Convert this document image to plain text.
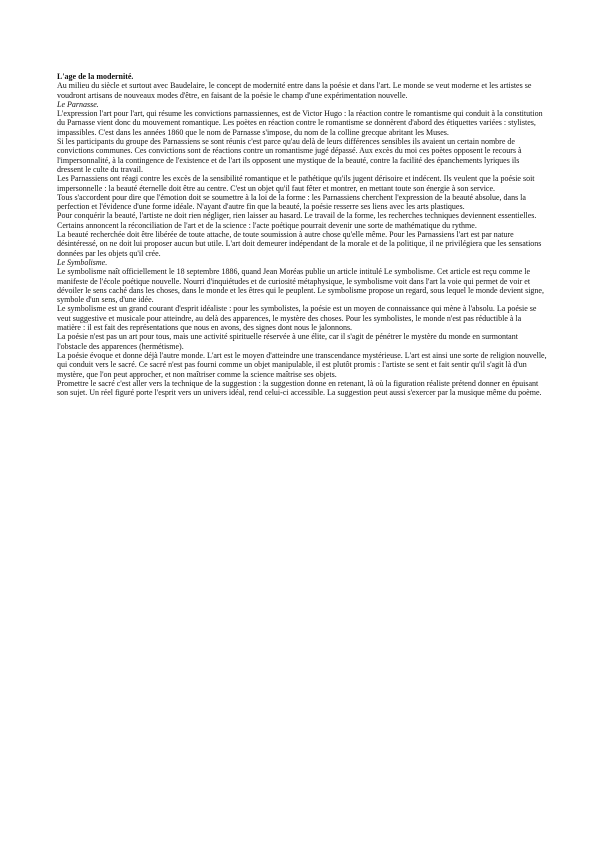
L'age de la modernité.

Au milieu du siècle et surtout avec Baudelaire, le concept de modernité entre dans la poésie et dans l'art. Le monde se veut moderne et les artistes se voudront artisans de nouveaux modes d'être, en faisant de la poésie le champ d'une expérimentation nouvelle.

Le Parnasse.

L'expression l'art pour l'art, qui résume les convictions parnassiennes, est de Victor Hugo : la réaction contre le romantisme qui conduit à la constitution du Parnasse vient donc du mouvement romantique. Les poètes en réaction contre le romantisme se donnèrent d'abord des étiquettes variées : stylistes, impassibles. C'est dans les années 1860 que le nom de Parnasse s'impose, du nom de la colline grecque abritant les Muses.

Si les participants du groupe des Parnassiens se sont réunis c'est parce qu'au delà de leurs différences sensibles ils avaient un certain nombre de convictions communes. Ces convictions sont de réactions contre un romantisme jugé dépassé. Aux excès du moi ces poètes opposent le recours à l'impersonnalité, à la contingence de l'existence et de l'art ils opposent une mystique de la beauté, contre la facilité des épanchements lyriques ils dressent le culte du travail.

Les Parnassiens ont réagi contre les excès de la sensibilité romantique et le pathétique qu'ils jugent dérisoire et indécent. Ils veulent que la poésie soit impersonnelle : la beauté éternelle doit être au centre. C'est un objet qu'il faut fêter et montrer, en mettant toute son énergie à son service.

Tous s'accordent pour dire que l'émotion doit se soumettre à la loi de la forme : les Parnassiens cherchent l'expression de la beauté absolue, dans la perfection et l'évidence d'une forme idéale. N'ayant d'autre fin que la beauté, la poésie resserre ses liens avec les arts plastiques.

Pour conquérir la beauté, l'artiste ne doit rien négliger, rien laisser au hasard. Le travail de la forme, les recherches techniques deviennent essentielles. Certains annoncent la réconciliation de l'art et de la science : l'acte poétique pourrait devenir une sorte de mathématique du rythme.

La beauté recherchée doit être libérée de toute attache, de toute soumission à autre chose qu'elle même. Pour les Parnassiens l'art est par nature désintéressé, on ne doit lui proposer aucun but utile. L'art doit demeurer indépendant de la morale et de la politique, il ne privilégiera que les sensations données par les objets qu'il crée.

Le Symbolisme.

Le symbolisme naît officiellement le 18 septembre 1886, quand Jean Moréas publie un article intitulé Le symbolisme. Cet article est reçu comme le manifeste de l'école poétique nouvelle. Nourri d'inquiétudes et de curiosité métaphysique, le symbolisme voit dans l'art la voie qui permet de voir et dévoiler le sens caché dans les choses, dans le monde et les êtres qui le peuplent. Le symbolisme propose un regard, sous lequel le monde devient signe, symbole d'un sens, d'une idée.

Le symbolisme est un grand courant d'esprit idéaliste : pour les symbolistes, la poésie est un moyen de connaissance qui mène à l'absolu. La poésie se veut suggestive et musicale pour atteindre, au delà des apparences, le mystère des choses. Pour les symbolistes, le monde n'est pas réductible à la matière : il est fait des représentations que nous en avons, des signes dont nous le jalonnons.

La poésie n'est pas un art pour tous, mais une activité spirituelle réservée à une élite, car il s'agit de pénétrer le mystère du monde en surmontant l'obstacle des apparences (hermétisme).

La poésie évoque et donne déjà l'autre monde. L'art est le moyen d'atteindre une transcendance mystérieuse. L'art est ainsi une sorte de religion nouvelle, qui conduit vers le sacré. Ce sacré n'est pas fourni comme un objet manipulable, il est plutôt promis : l'artiste se sent et fait sentir qu'il s'agit là d'un mystère, que l'on peut approcher, et non maîtriser comme la science maîtrise ses objets.

Promettre le sacré c'est aller vers la technique de la suggestion : la suggestion donne en retenant, là où la figuration réaliste prétend donner en épuisant son sujet. Un réel figuré porte l'esprit vers un univers idéal, rend celui-ci accessible. La suggestion peut aussi s'exercer par la musique même du poème.
